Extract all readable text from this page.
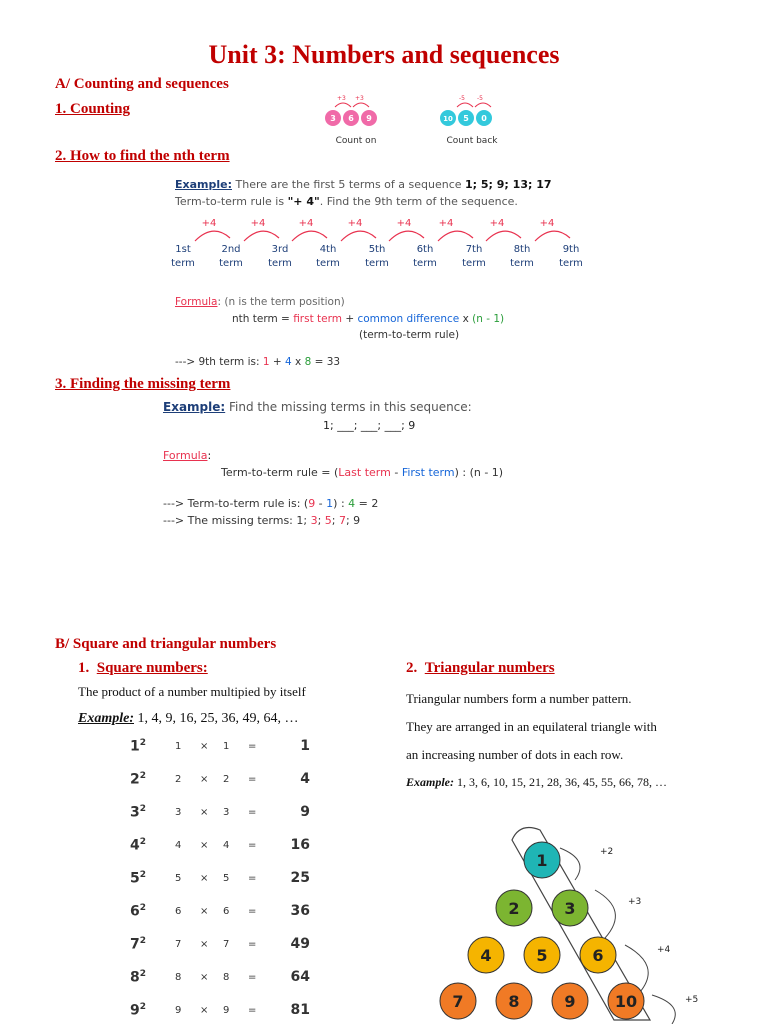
Unit 3: Numbers and sequences
A/ Counting and sequences
1. Counting
+3 +3
3 6 9
Count on
-5 -5
10 5 0
Count back
2. How to find the nth term
Example: There are the first 5 terms of a sequence 1; 5; 9; 13; 17
Term-to-term rule is "+ 4". Find the 9th term of the sequence.
+4	+4	+4	+4	+4	+4	+4	+4
1st
term
2nd
term
3rd
term
4th
term
5th
term
6th
term
7th
term
8th
term
9th
term
Formula: (n is the term position)
nth term = first term + common difference x (n - 1)
(term-to-term rule)
---> 9th term is: 1 + 4 x 8 = 33
3. Finding the missing term
Example: Find the missing terms in this sequence:
1; ___; ___; ___; 9
Formula:
Term-to-term rule = (Last term - First term) : (n - 1)
---> Term-to-term rule is: (9 - 1) : 4 = 2
---> The missing terms: 1; 3; 5; 7; 9
B/ Square and triangular numbers
1. Square numbers:
The product of a number multipied by itself
Example: 1, 4, 9, 16, 25, 36, 49, 64, …
$1^2$	1 × 1 =	1
$2^2$	2 × 2 =	4
$3^2$	3 × 3 =	9
$4^2$	4 × 4 =	16
$5^2$	5 × 5 =	25
$6^2$	6 × 6 =	36
$7^2$	7 × 7 =	49
$8^2$	8 × 8 =	64
$9^2$	9 × 9 =	81
2. Triangular numbers
Triangular numbers form a number pattern.
They are arranged in an equilateral triangle with
an increasing number of dots in each row.
Example: 1, 3, 6, 10, 15, 21, 28, 36, 45, 55, 66, 78, …
+2
+3
+4
+5
1
2	3
4	5	6
7	8	9 10
